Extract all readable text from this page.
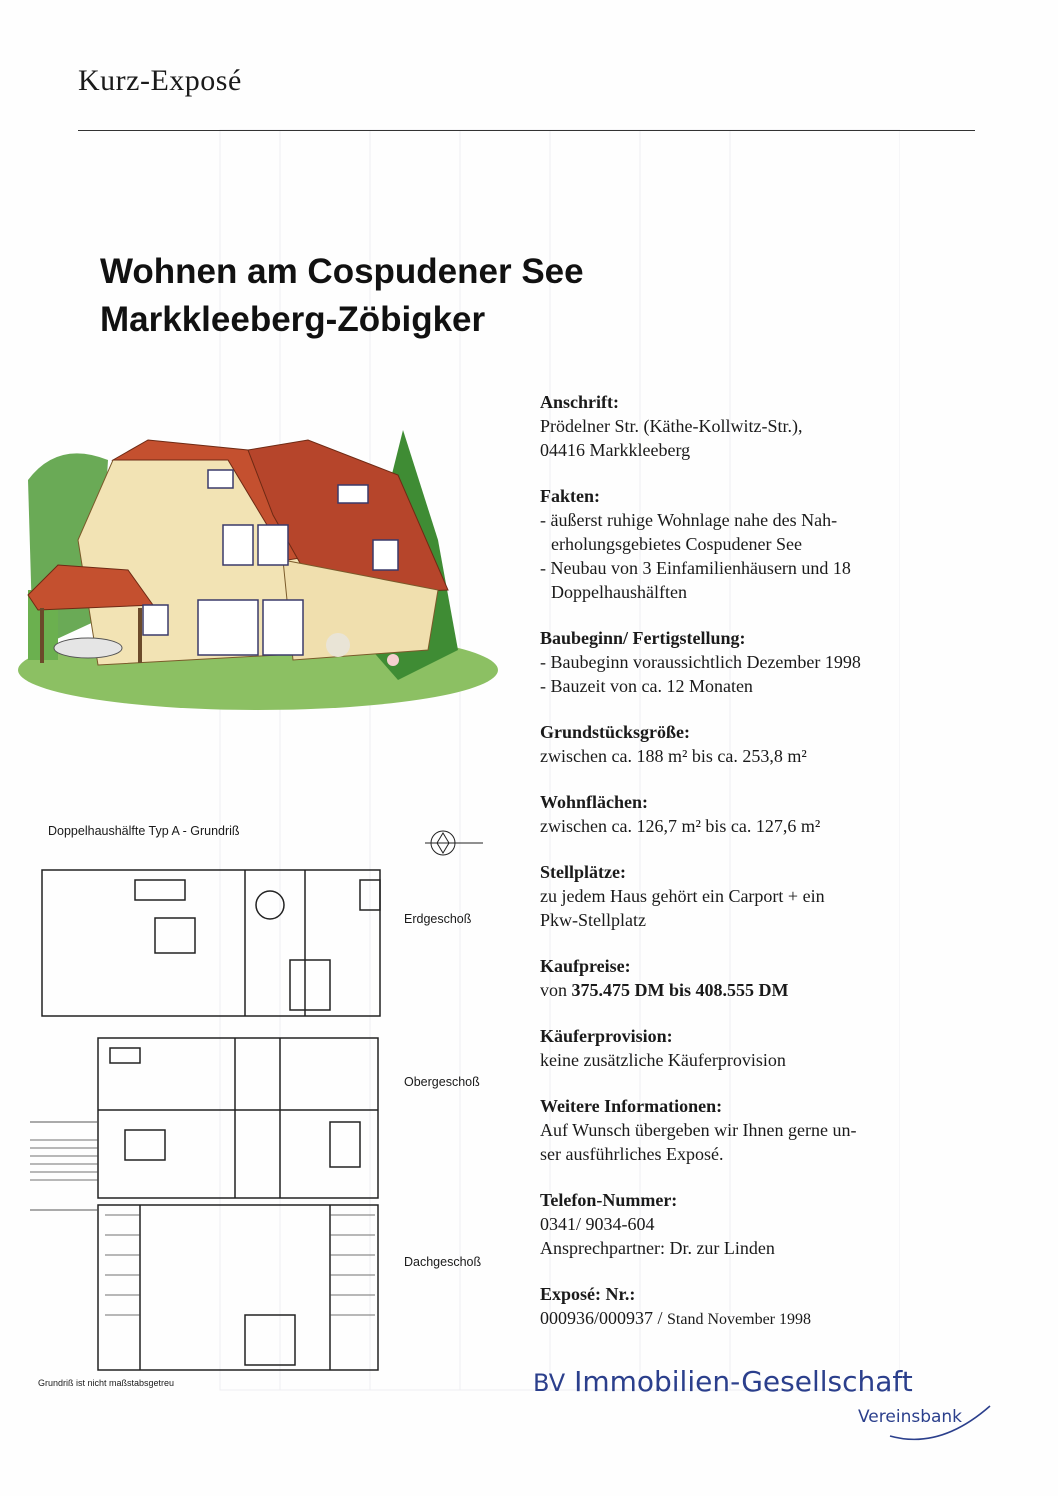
Kurz-Exposé
Wohnen am Cospudener See
Markkleeberg-Zöbigker
Anschrift:

Prödelner Str. (Käthe-Kollwitz-Str.),

04416 Markkleeberg

Fakten:

- äußerst ruhige Wohnlage nahe des Nah-

erholungsgebietes Cospudener See

- Neubau von 3 Einfamilienhäusern und 18

Doppelhaushälften

Baubeginn/ Fertigstellung:

- Baubeginn voraussichtlich Dezember 1998

- Bauzeit von ca. 12 Monaten

Grundstücksgröße:

zwischen ca. 188 m² bis ca. 253,8 m²

Wohnflächen:

zwischen ca. 126,7 m² bis ca. 127,6 m²

Stellplätze:

zu jedem Haus gehört ein Carport + ein

Pkw-Stellplatz

Kaufpreise:

von 375.475 DM bis 408.555 DM

Käuferprovision:

keine zusätzliche Käuferprovision

Weitere Informationen:

Auf Wunsch übergeben wir Ihnen gerne un-

ser ausführliches Exposé.

Telefon-Nummer:

0341/ 9034-604

Ansprechpartner: Dr. zur Linden

Exposé: Nr.:

000936/000937 / Stand November 1998

Doppelhaushälfte Typ A - Grundriß
Erdgeschoß
Obergeschoß
Dachgeschoß
Grundriß ist nicht maßstabsgetreu	BV Immobilien-Gesellschaft
Vereinsbank
